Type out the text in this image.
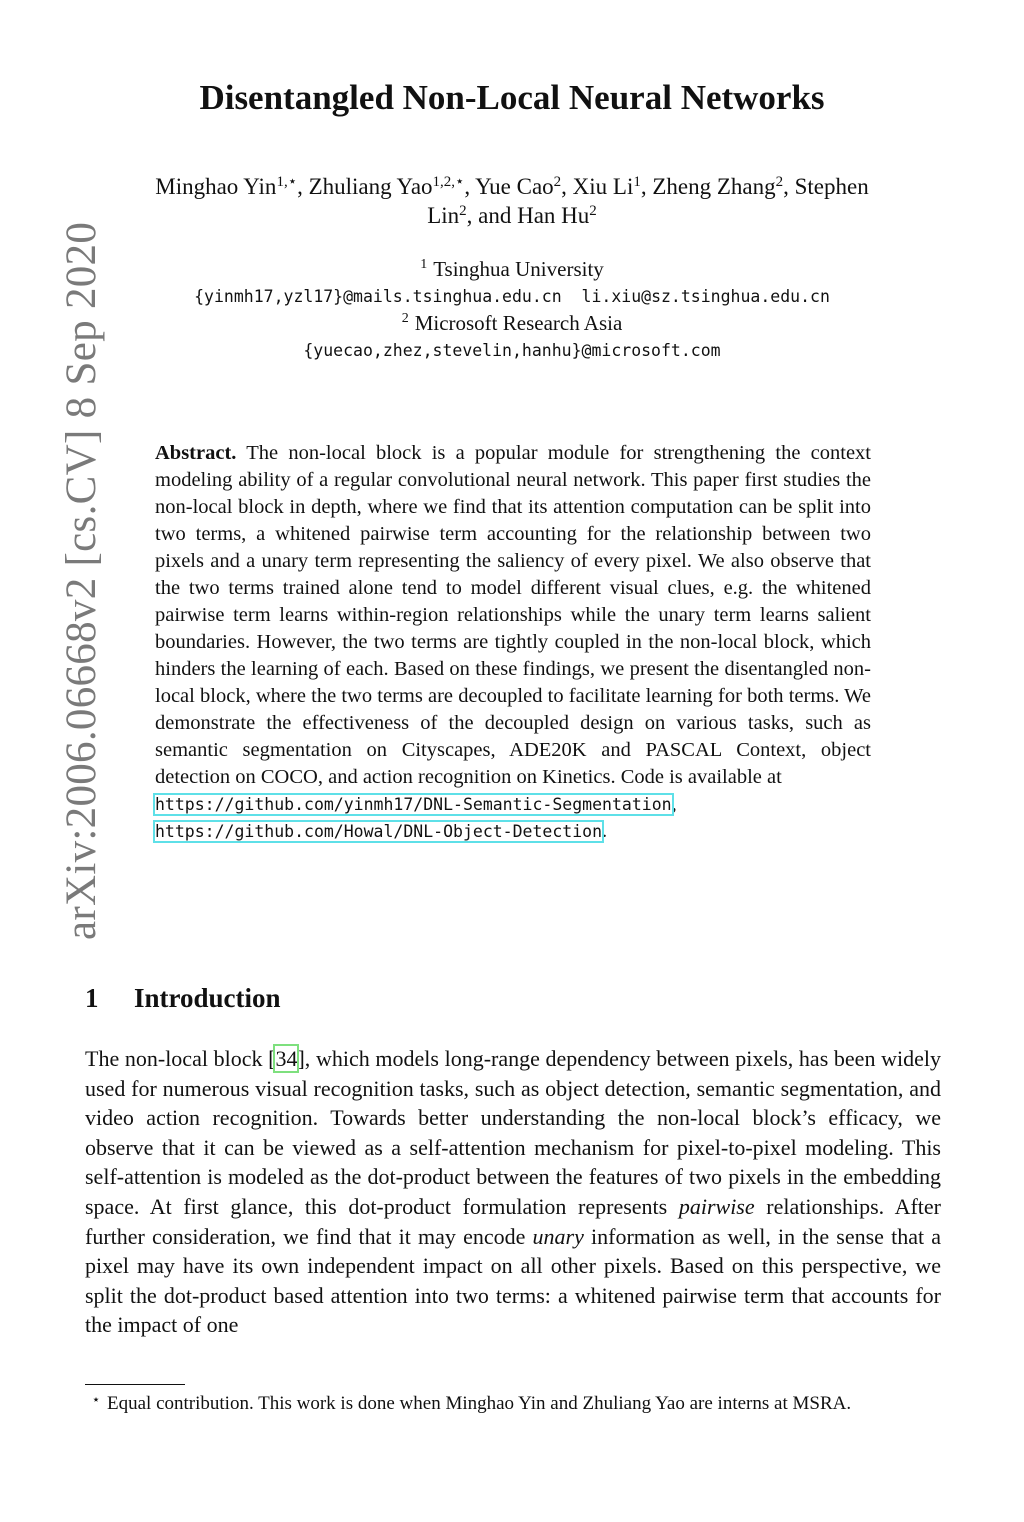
arXiv:2006.06668v2 [cs.CV] 8 Sep 2020
Disentangled Non-Local Neural Networks
Minghao Yin$^{1,⋆}$, Zhuliang Yao$^{1,2,⋆}$, Yue Cao$^2$, Xiu Li$^1$, Zheng Zhang$^2$, Stephen
Lin$^2$, and Han Hu$^2$
$^1$ Tsinghua University
{yinmh17,yzl17}@mails.tsinghua.edu.cn  li.xiu@sz.tsinghua.edu.cn
$^2$ Microsoft Research Asia
{yuecao,zhez,stevelin,hanhu}@microsoft.com
Abstract. The non-local block is a popular module for strengthening the context modeling ability of a regular convolutional neural network. This paper first studies the non-local block in depth, where we find that its attention computation can be split into two terms, a whitened pairwise term accounting for the relationship between two pixels and a unary term representing the saliency of every pixel. We also observe that the two terms trained alone tend to model different visual clues, e.g. the whitened pairwise term learns within-region relationships while the unary term learns salient boundaries. However, the two terms are tightly coupled in the non-local block, which hinders the learning of each. Based on these findings, we present the disentangled non-local block, where the two terms are decoupled to facilitate learning for both terms. We demonstrate the effectiveness of the decoupled design on various tasks, such as semantic segmentation on Cityscapes, ADE20K and PASCAL Context, object detection on COCO, and action recognition on Kinetics. Code is available at
https://github.com/yinmh17/DNL-Semantic-Segmentation,
https://github.com/Howal/DNL-Object-Detection.
1 Introduction
The non-local block [34], which models long-range dependency between pixels, has been widely used for numerous visual recognition tasks, such as object detection, semantic segmentation, and video action recognition. Towards better understanding the non-local block’s efficacy, we observe that it can be viewed as a self-attention mechanism for pixel-to-pixel modeling. This self-attention is modeled as the dot-product between the features of two pixels in the embedding space. At first glance, this dot-product formulation represents pairwise relationships. After further consideration, we find that it may encode unary information as well, in the sense that a pixel may have its own independent impact on all other pixels. Based on this perspective, we split the dot-product based attention into two terms: a whitened pairwise term that accounts for the impact of one
⋆ Equal contribution. This work is done when Minghao Yin and Zhuliang Yao are interns at MSRA.
